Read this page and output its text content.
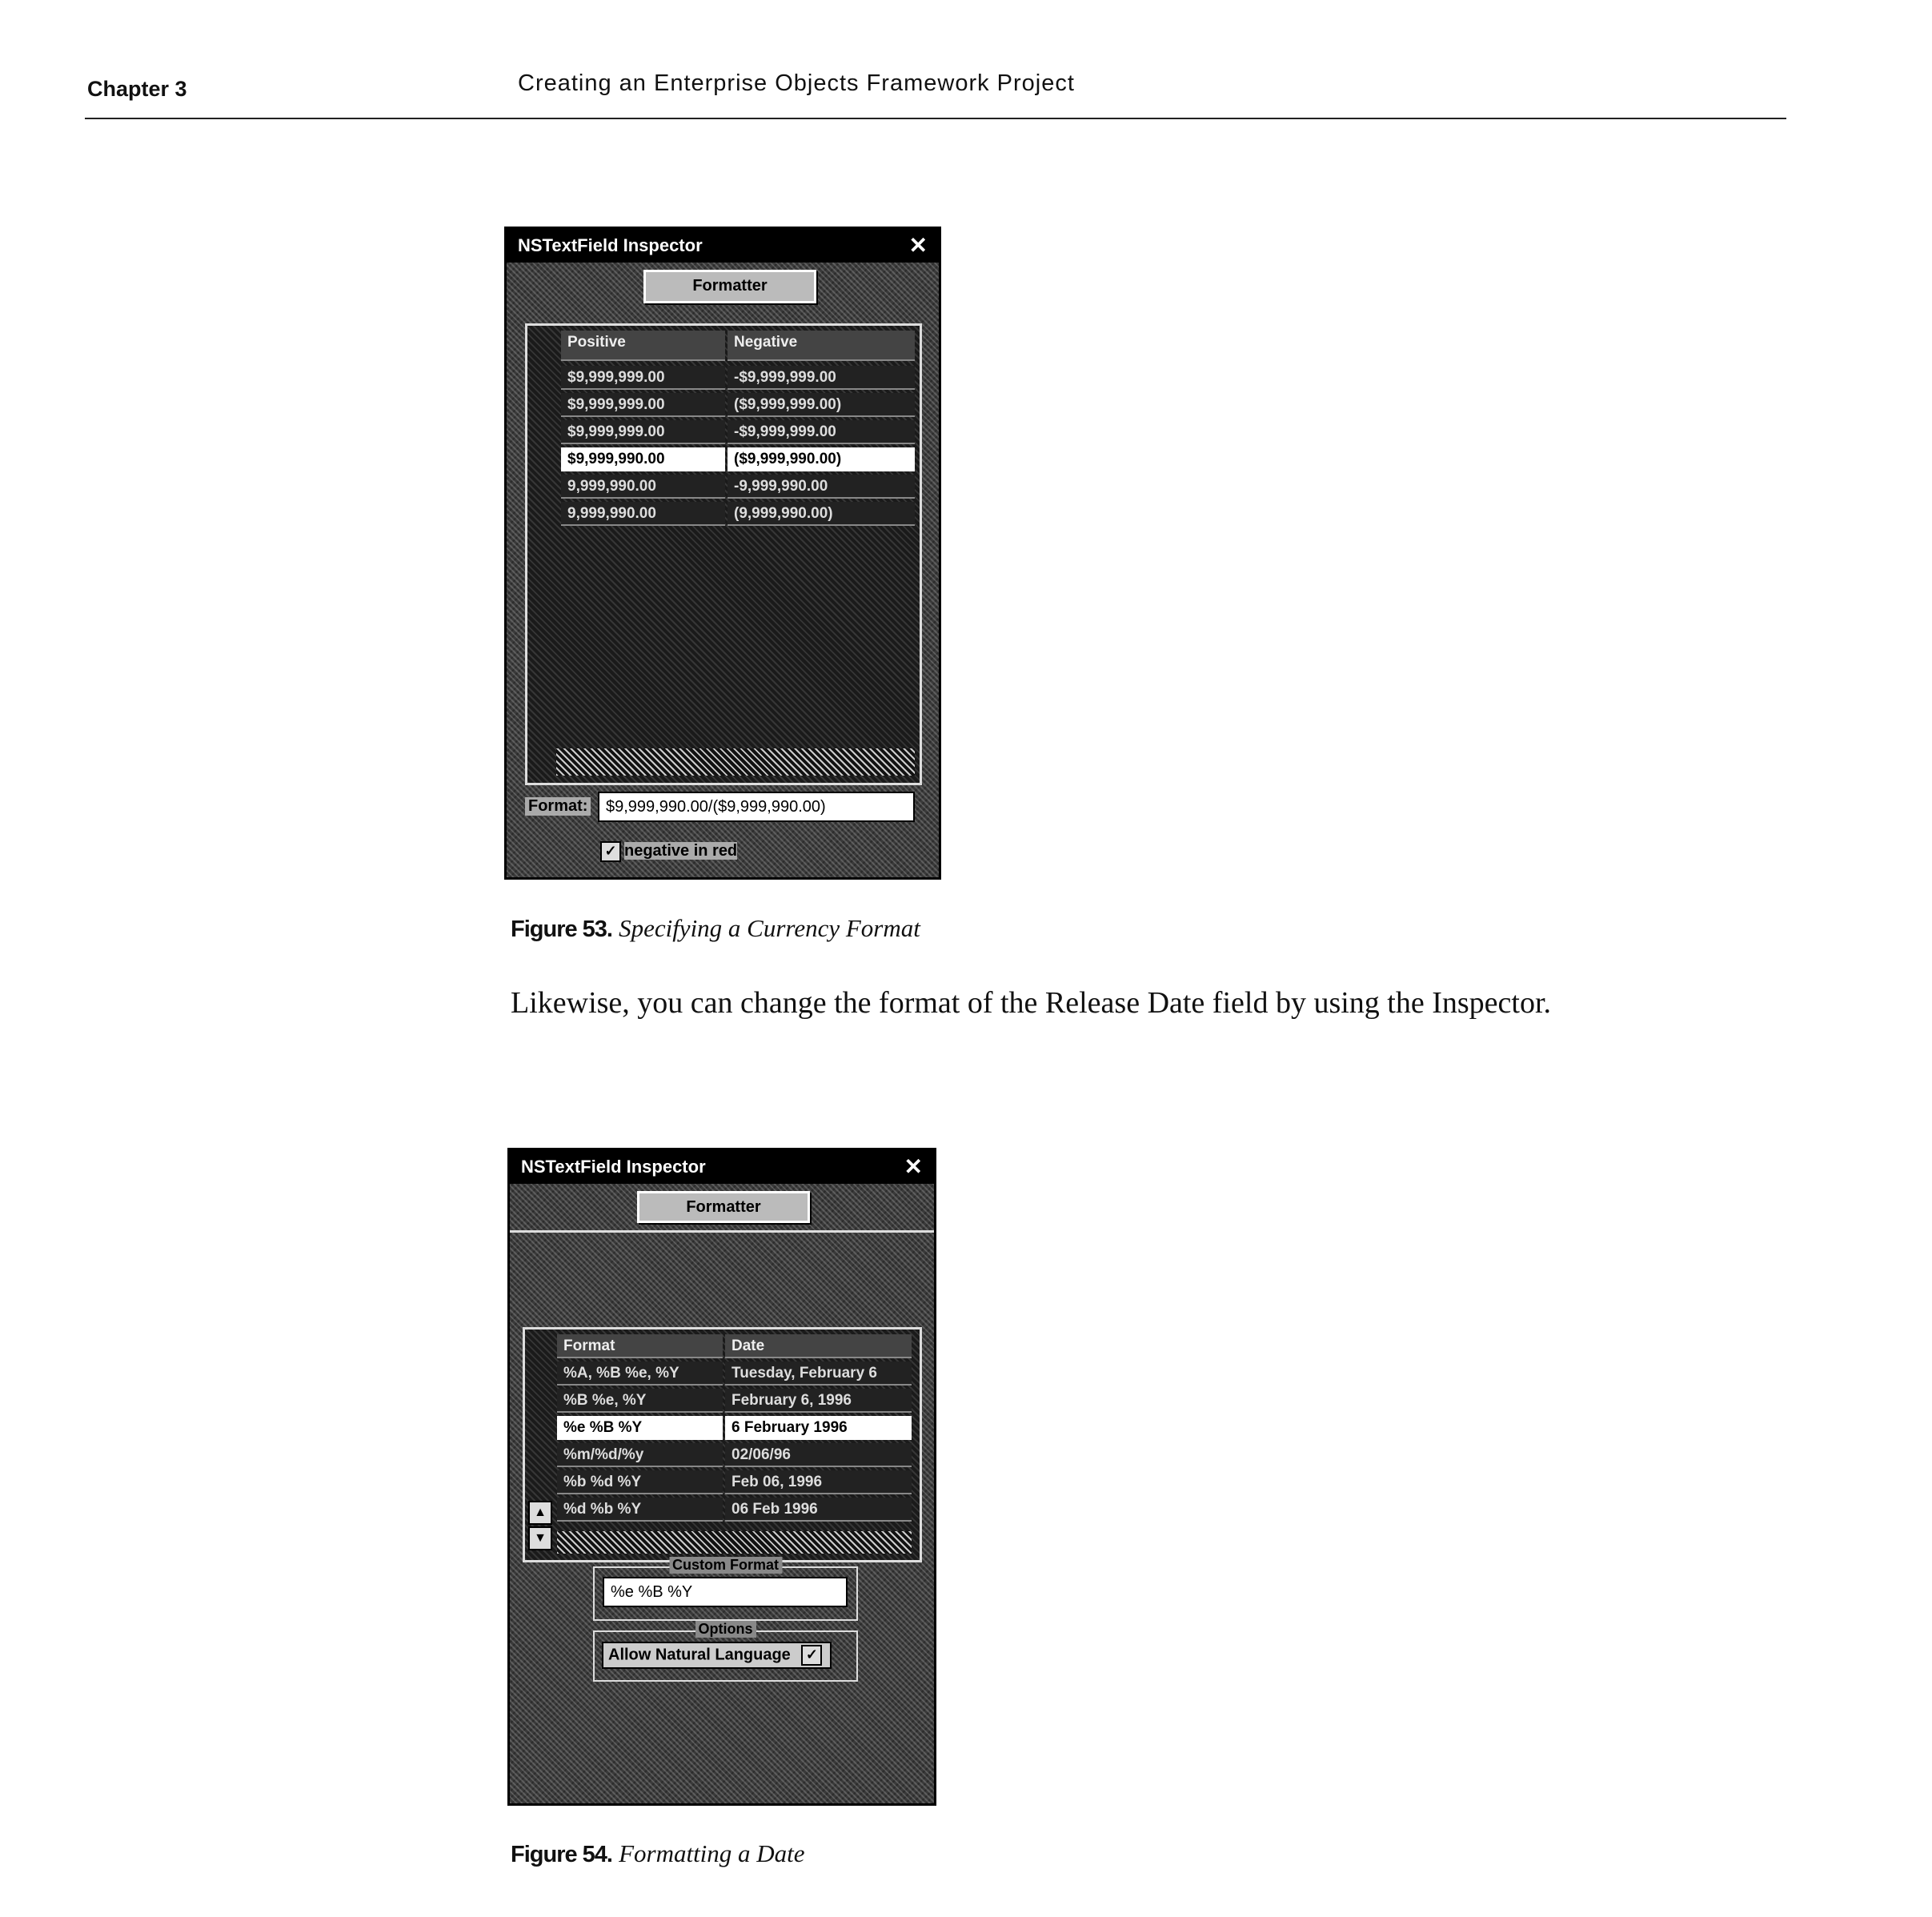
Chapter 3	Creating an Enterprise Objects Framework Project
NSTextField Inspector	✕
Formatter
Positive	Negative
$9,999,999.00	-$9,999,999.00
$9,999,999.00	($9,999,999.00)
$9,999,999.00	-$9,999,999.00
$9,999,990.00	($9,999,990.00)
9,999,990.00	-9,999,990.00
9,999,990.00	(9,999,990.00)
Format:	$9,999,990.00/($9,999,990.00)
✓ negative in red
Figure 53. Specifying a Currency Format
Likewise, you can change the format of the Release Date field by using the Inspector.
NSTextField Inspector	✕
Formatter
Format	Date
%A, %B %e, %Y	Tuesday, February 6
%B %e, %Y	February 6, 1996
%e %B %Y	6 February 1996
%m/%d/%y	02/06/96
%b %d %Y	Feb 06, 1996
%d %b %Y	06 Feb 1996
▲
▼
Custom Format
%e %B %Y
Options
Allow Natural Language ✓
Figure 54. Formatting a Date
